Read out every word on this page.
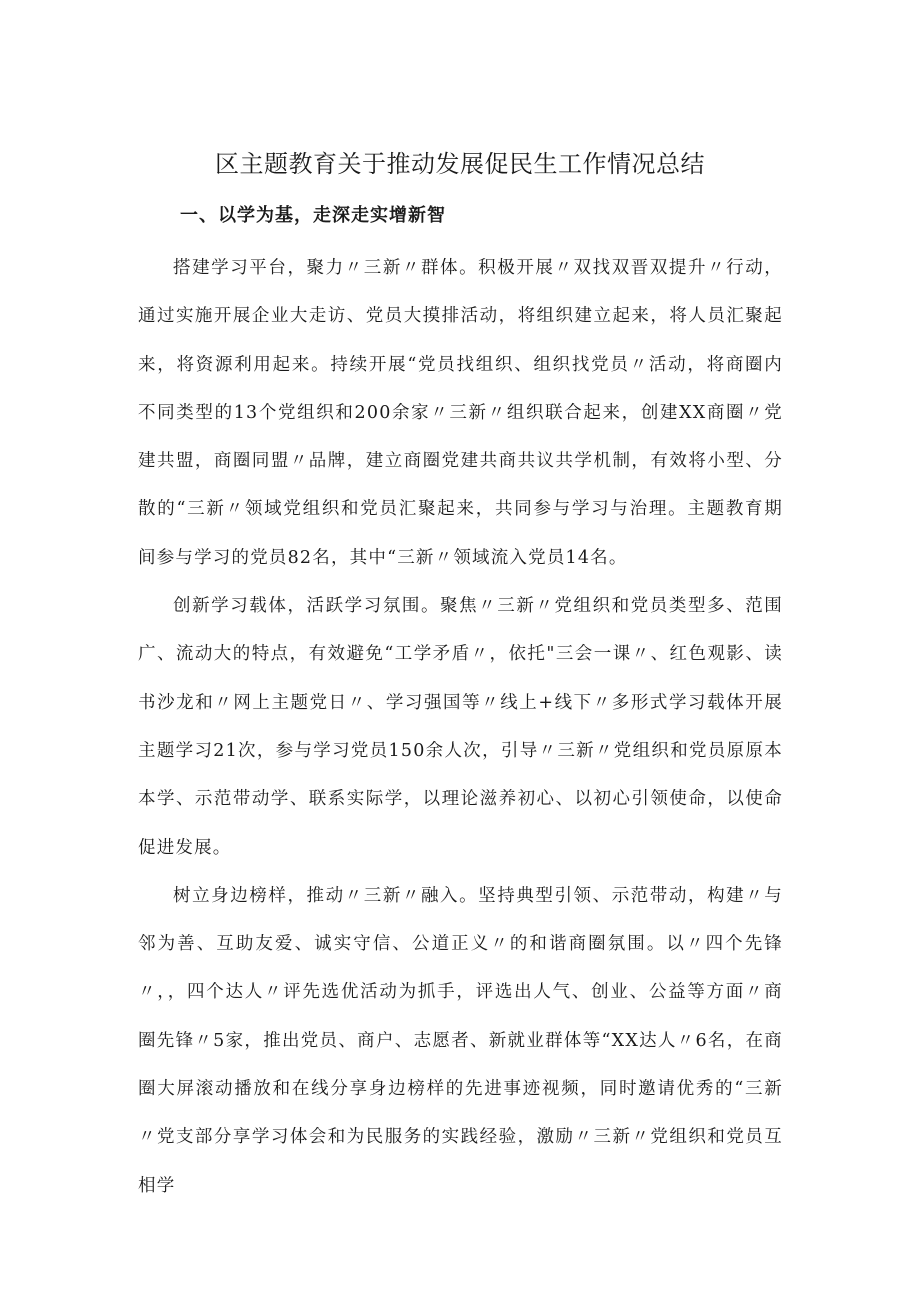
区主题教育关于推动发展促民生工作情况总结
一、以学为基，走深走实增新智

搭建学习平台，聚力〃三新〃群体。积极开展〃双找双晋双提升〃行动，通过实施开展企业大走访、党员大摸排活动，将组织建立起来，将人员汇聚起来，将资源利用起来。持续开展“党员找组织、组织找党员〃活动，将商圈内不同类型的13个党组织和200余家〃三新〃组织联合起来，创建XX商圈〃党建共盟，商圈同盟〃品牌，建立商圈党建共商共议共学机制，有效将小型、分散的“三新〃领域党组织和党员汇聚起来，共同参与学习与治理。主题教育期间参与学习的党员82名，其中“三新〃领域流入党员14名。

创新学习载体，活跃学习氛围。聚焦〃三新〃党组织和党员类型多、范围广、流动大的特点，有效避免“工学矛盾〃，依托"三会一课〃、红色观影、读书沙龙和〃网上主题党日〃、学习强国等〃线上+线下〃多形式学习载体开展主题学习21次，参与学习党员150余人次，引导〃三新〃党组织和党员原原本本学、示范带动学、联系实际学，以理论滋养初心、以初心引领使命，以使命促进发展。

树立身边榜样，推动〃三新〃融入。坚持典型引领、示范带动，构建〃与邻为善、互助友爱、诚实守信、公道正义〃的和谐商圈氛围。以〃四个先锋〃，，四个达人〃评先选优活动为抓手，评选出人气、创业、公益等方面〃商圈先锋〃5家，推出党员、商户、志愿者、新就业群体等“XX达人〃6名，在商圈大屏滚动播放和在线分享身边榜样的先进事迹视频，同时邀请优秀的“三新〃党支部分享学习体会和为民服务的实践经验，激励〃三新〃党组织和党员互相学
